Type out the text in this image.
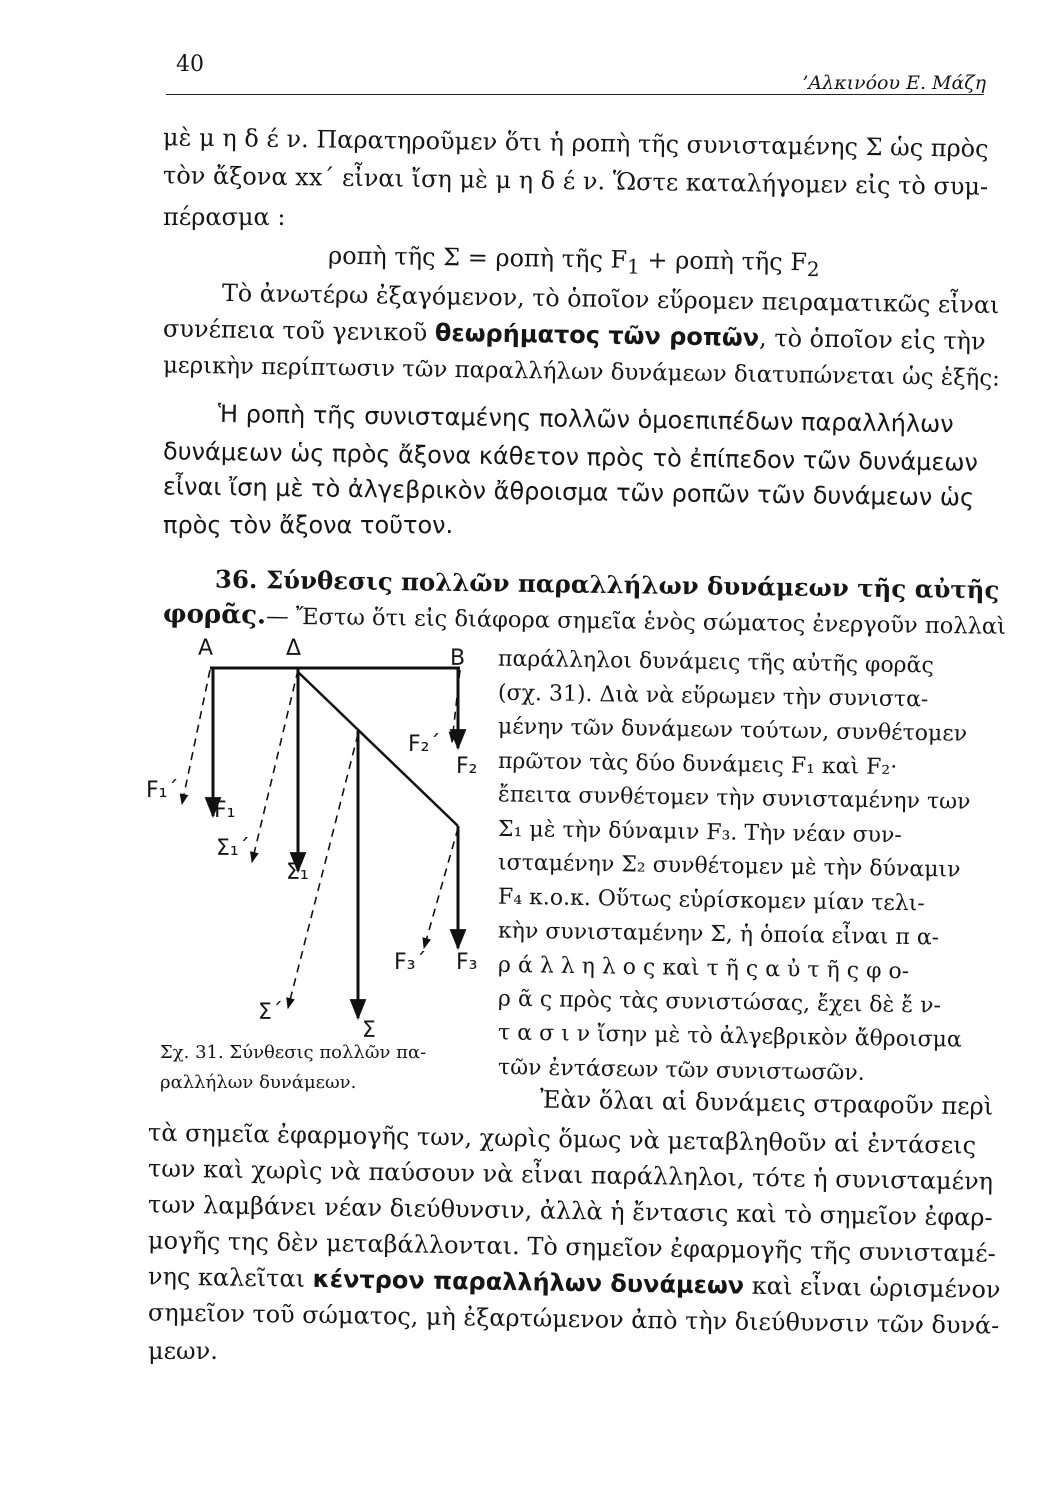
40
’Αλκινόου Ε. Μάζη
μὲ μ η δ έ ν. Παρατηροῦμεν ὅτι ἡ ροπὴ τῆς συνισταμένης Σ ὡς πρὸς
τὸν ἄξονα xx΄ εἶναι ἴση μὲ μ η δ έ ν. Ὥστε καταλήγομεν εἰς τὸ συμ-
πέρασμα :
ροπὴ τῆς Σ = ροπὴ τῆς $F_1$ + ροπὴ τῆς $F_2$
Τὸ ἀνωτέρω ἐξαγόμενον, τὸ ὁποῖον εὕρομεν πειραματικῶς εἶναι
συνέπεια τοῦ γενικοῦ θεωρήματος τῶν ροπῶν, τὸ ὁποῖον εἰς τὴν
μερικὴν περίπτωσιν τῶν παραλλήλων δυνάμεων διατυπώνεται ὡς ἑξῆς:
Ἡ ροπὴ τῆς συνισταμένης πολλῶν ὁμοεπιπέδων παραλλήλων
δυνάμεων ὡς πρὸς ἄξονα κάθετον πρὸς τὸ ἐπίπεδον τῶν δυνάμεων
εἶναι ἴση μὲ τὸ ἀλγεβρικὸν ἄθροισμα τῶν ροπῶν τῶν δυνάμεων ὡς
πρὸς τὸν ἄξονα τοῦτον.
36. Σύνθεσις πολλῶν παραλλήλων δυνάμεων τῆς αὐτῆς
φορᾶς.— Ἔστω ὅτι εἰς διάφορα σημεῖα ἑνὸς σώματος ἐνεργοῦν πολλαὶ
παράλληλοι δυνάμεις τῆς αὐτῆς φορᾶς
(σχ. 31). Διὰ νὰ εὕρωμεν τὴν συνιστα-
μένην τῶν δυνάμεων τούτων, συνθέτομεν
πρῶτον τὰς δύο δυνάμεις F₁ καὶ F₂·
ἔπειτα συνθέτομεν τὴν συνισταμένην των
Σ₁ μὲ τὴν δύναμιν F₃. Τὴν νέαν συν-
ισταμένην Σ₂ συνθέτομεν μὲ τὴν δύναμιν
F₄ κ.ο.κ. Οὕτως εὑρίσκομεν μίαν τελι-
κὴν συνισταμένην Σ, ἡ ὁποία εἶναι π α-
ρ ά λ λ η λ ο ς καὶ τ ῆ ς α ὐ τ ῆ ς φ ο-
ρ ᾶ ς πρὸς τὰς συνιστώσας, ἔχει δὲ ἔ ν-
τ α σ ι ν ἴσην μὲ τὸ ἀλγεβρικὸν ἄθροισμα
τῶν ἐντάσεων τῶν συνιστωσῶν.
Α	Δ	Β
F₁΄
F₁
Σ₁΄
Σ₁
F₂΄
F₂
F₃΄ F₃
Σ΄
Σ
Σχ. 31. Σύνθεσις πολλῶν πα-
ραλλήλων δυνάμεων.
Ἐὰν ὅλαι αἱ δυνάμεις στραφοῦν περὶ
τὰ σημεῖα ἐφαρμογῆς των, χωρὶς ὅμως νὰ μεταβληθοῦν αἱ ἐντάσεις
των καὶ χωρὶς νὰ παύσουν νὰ εἶναι παράλληλοι, τότε ἡ συνισταμένη
των λαμβάνει νέαν διεύθυνσιν, ἀλλὰ ἡ ἔντασις καὶ τὸ σημεῖον ἐφαρ-
μογῆς της δὲν μεταβάλλονται. Τὸ σημεῖον ἐφαρμογῆς τῆς συνισταμέ-
νης καλεῖται κέντρον παραλλήλων δυνάμεων καὶ εἶναι ὡρισμένον
σημεῖον τοῦ σώματος, μὴ ἐξαρτώμενον ἀπὸ τὴν διεύθυνσιν τῶν δυνά-
μεων.
